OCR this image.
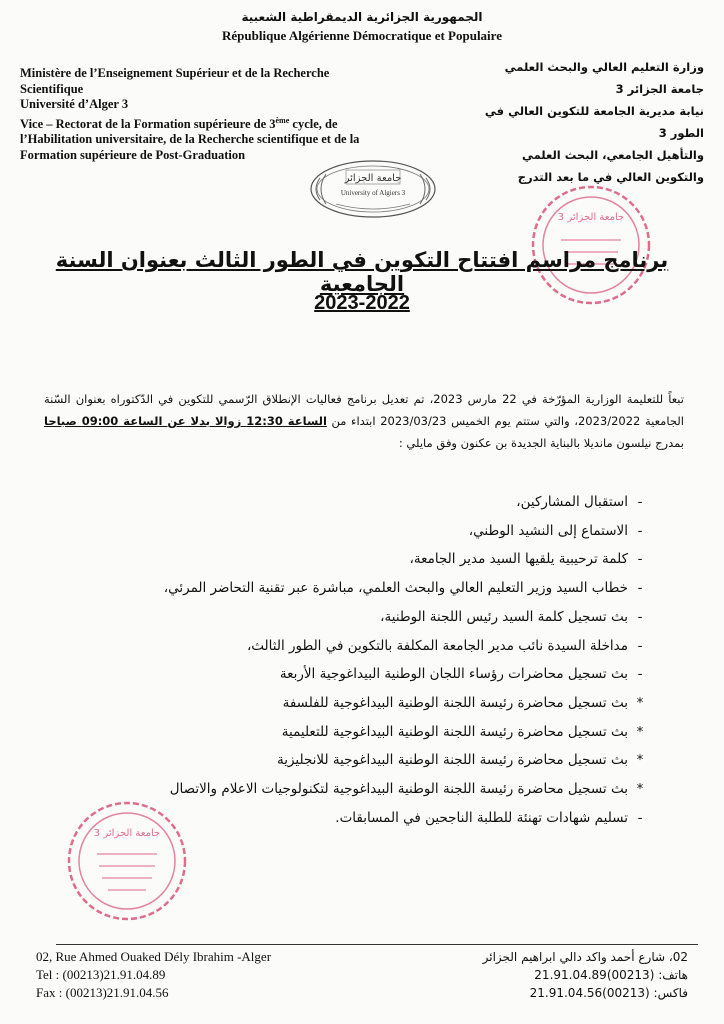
الجمهورية الجزائرية الديمقراطية الشعبية
République Algérienne Démocratique et Populaire
Ministère de l’Enseignement Supérieur et de la Recherche
Scientifique
Université d’Alger 3
Vice – Rectorat de la Formation supérieure de 3ème cycle, de
l’Habilitation universitaire, de la Recherche scientifique et de la
Formation supérieure de Post-Graduation
وزارة التعليم العالي والبحث العلمي
جامعة الجزائر 3
نيابة مديرية الجامعة للتكوين العالي في الطور 3
والتأهيل الجامعي، البحث العلمي
والتكوين العالي في ما بعد التدرج
جامعة الجزائر
University of Algiers 3
جامعة الجزائر 3
برنامج مراسم افتتاح التكوين في الطور الثالث بعنوان السنة الجامعية
2023-2022
تبعاً للتعليمة الوزارية المؤرّخة في 22 مارس 2023، تم تعديل برنامج فعاليات الإنطلاق الرّسمي للتكوين في الدّكتوراه بعنوان السّنة الجامعية 2023/2022، والتي ستتم يوم الخميس 2023/03/23 ابتداء من الساعة 12:30 زوالا بدلا عن الساعة 09:00 صباحا بمدرج نيلسون مانديلا بالبناية الجديدة بن عكنون وفق مايلي :
-استقبال المشاركين،
-الاستماع إلى النشيد الوطني،
-كلمة ترحيبية يلقيها السيد مدير الجامعة،
-خطاب السيد وزير التعليم العالي والبحث العلمي، مباشرة عبر تقنية التحاضر المرئي،
-بث تسجيل كلمة السيد رئيس اللجنة الوطنية،
-مداخلة السيدة نائب مدير الجامعة المكلفة بالتكوين في الطور الثالث،
-بث تسجيل محاضرات رؤساء اللجان الوطنية البيداغوجية الأربعة
*بث تسجيل محاضرة رئيسة اللجنة الوطنية البيداغوجية للفلسفة
*بث تسجيل محاضرة رئيسة اللجنة الوطنية البيداغوجية للتعليمية
*بث تسجيل محاضرة رئيسة اللجنة الوطنية البيداغوجية للانجليزية
*بث تسجيل محاضرة رئيسة اللجنة الوطنية البيداغوجية لتكنولوجيات الاعلام والاتصال
-تسليم شهادات تهنئة للطلبة الناجحين في المسابقات.
جامعة الجزائر 3
02, Rue Ahmed Ouaked Dély Ibrahim -Alger
Tel : (00213)21.91.04.89
Fax : (00213)21.91.04.56
02، شارع أحمد واكد دالي ابراهيم الجزائر
هاتف: (00213)21.91.04.89
فاكس: (00213)21.91.04.56
